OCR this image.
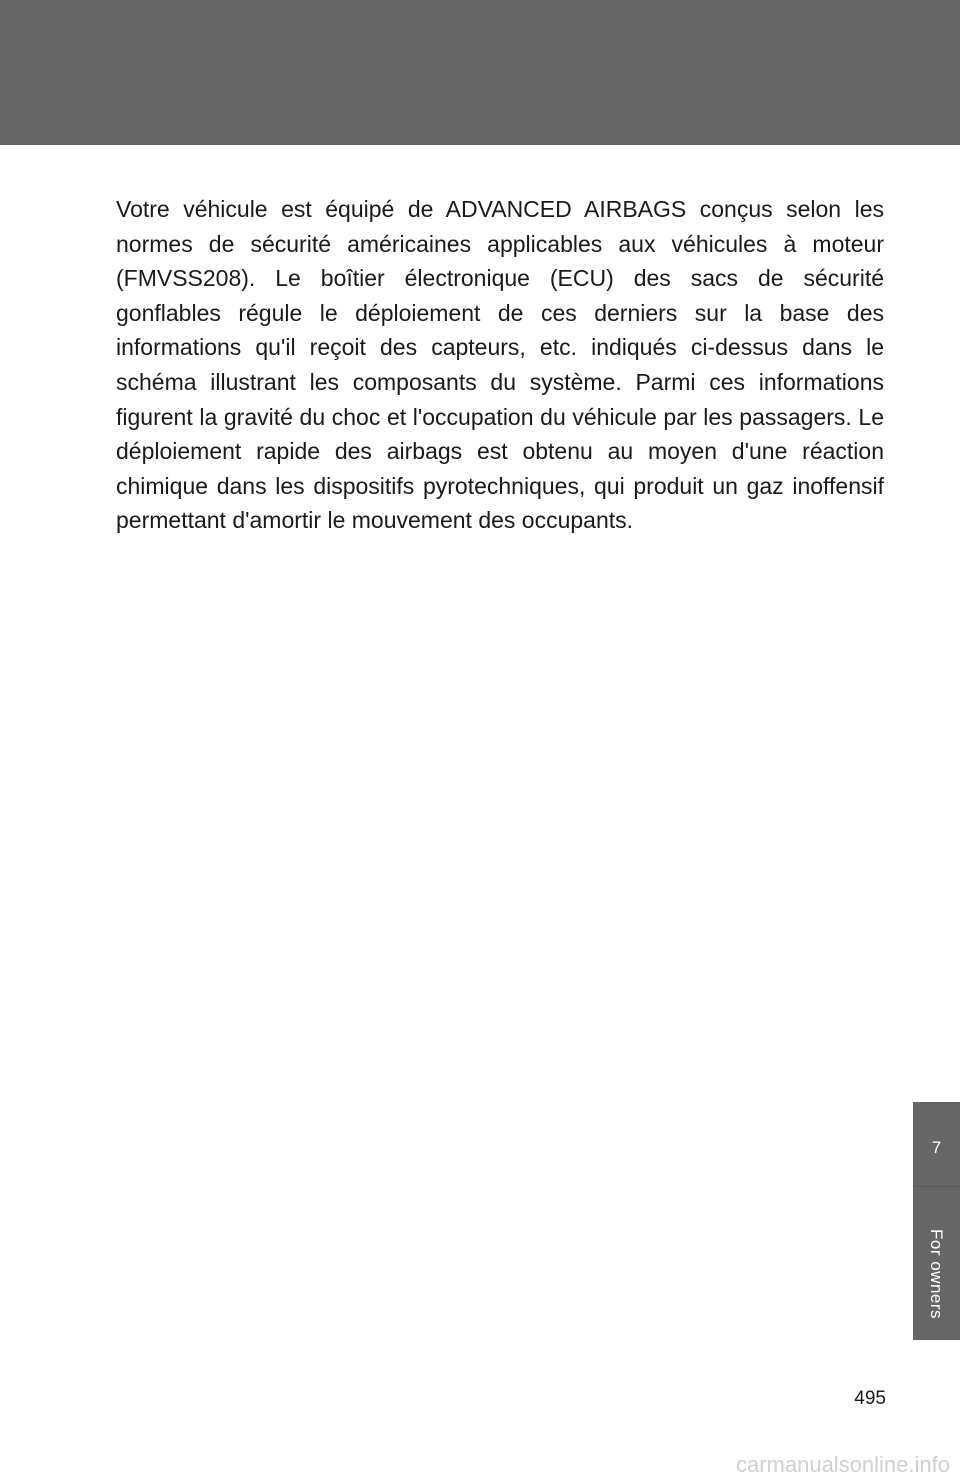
Votre véhicule est équipé de ADVANCED AIRBAGS conçus selon les normes de sécurité américaines applicables aux véhicules à moteur (FMVSS208). Le boîtier électronique (ECU) des sacs de sécurité gonflables régule le déploiement de ces derniers sur la base des informations qu'il reçoit des capteurs, etc. indiqués ci-dessus dans le schéma illustrant les composants du système. Parmi ces informations figurent la gravité du choc et l'occupation du véhicule par les passagers. Le déploiement rapide des airbags est obtenu au moyen d'une réaction chimique dans les dispositifs pyrotechniques, qui produit un gaz inoffensif permettant d'amortir le mouvement des occupants.

7
For owners
495
carmanualsonline.info
